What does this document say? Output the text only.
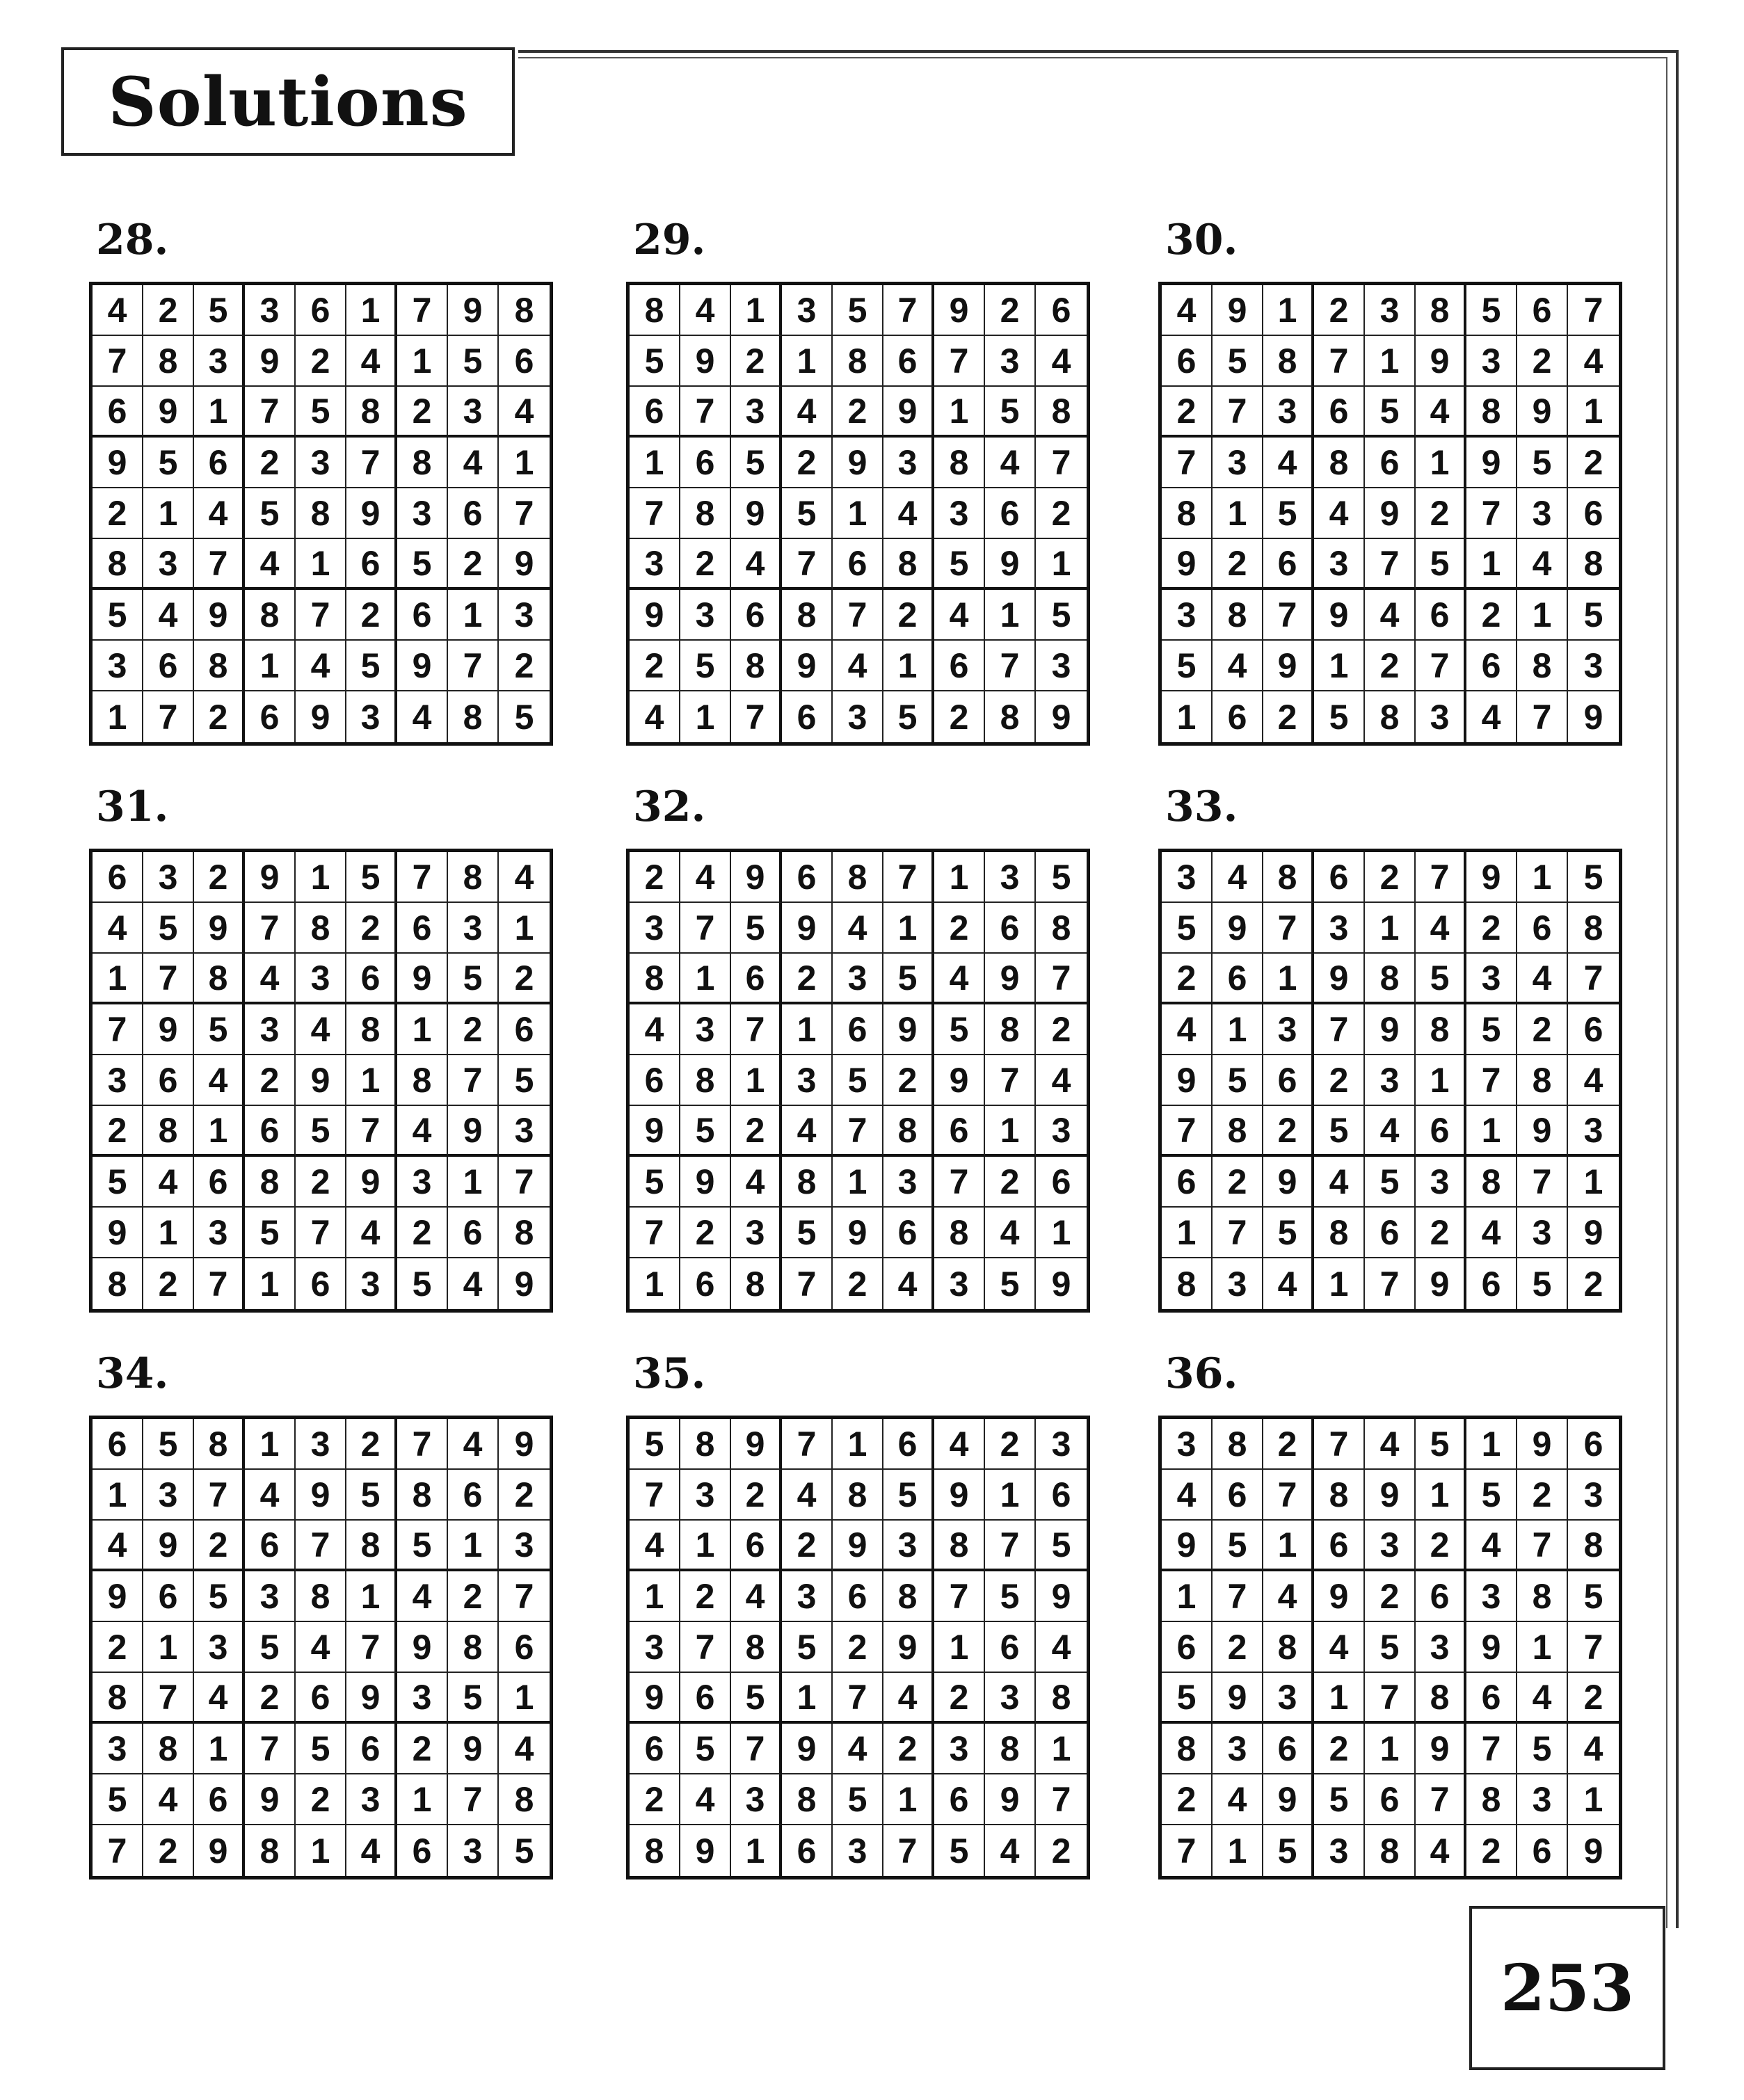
Solutions
28.
4 2 5 3 6 1 7 9 8
7 8 3 9 2 4 1 5 6
6 9 1 7 5 8 2 3 4
9 5 6 2 3 7 8 4 1
2 1 4 5 8 9 3 6 7
8 3 7 4 1 6 5 2 9
5 4 9 8 7 2 6 1 3
3 6 8 1 4 5 9 7 2
1 7 2 6 9 3 4 8 5
29.
8 4 1 3 5 7 9 2 6
5 9 2 1 8 6 7 3 4
6 7 3 4 2 9 1 5 8
1 6 5 2 9 3 8 4 7
7 8 9 5 1 4 3 6 2
3 2 4 7 6 8 5 9 1
9 3 6 8 7 2 4 1 5
2 5 8 9 4 1 6 7 3
4 1 7 6 3 5 2 8 9
30.
4 9 1 2 3 8 5 6 7
6 5 8 7 1 9 3 2 4
2 7 3 6 5 4 8 9 1
7 3 4 8 6 1 9 5 2
8 1 5 4 9 2 7 3 6
9 2 6 3 7 5 1 4 8
3 8 7 9 4 6 2 1 5
5 4 9 1 2 7 6 8 3
1 6 2 5 8 3 4 7 9
31.
6 3 2 9 1 5 7 8 4
4 5 9 7 8 2 6 3 1
1 7 8 4 3 6 9 5 2
7 9 5 3 4 8 1 2 6
3 6 4 2 9 1 8 7 5
2 8 1 6 5 7 4 9 3
5 4 6 8 2 9 3 1 7
9 1 3 5 7 4 2 6 8
8 2 7 1 6 3 5 4 9
32.
2 4 9 6 8 7 1 3 5
3 7 5 9 4 1 2 6 8
8 1 6 2 3 5 4 9 7
4 3 7 1 6 9 5 8 2
6 8 1 3 5 2 9 7 4
9 5 2 4 7 8 6 1 3
5 9 4 8 1 3 7 2 6
7 2 3 5 9 6 8 4 1
1 6 8 7 2 4 3 5 9
33.
3 4 8 6 2 7 9 1 5
5 9 7 3 1 4 2 6 8
2 6 1 9 8 5 3 4 7
4 1 3 7 9 8 5 2 6
9 5 6 2 3 1 7 8 4
7 8 2 5 4 6 1 9 3
6 2 9 4 5 3 8 7 1
1 7 5 8 6 2 4 3 9
8 3 4 1 7 9 6 5 2
34.
6 5 8 1 3 2 7 4 9
1 3 7 4 9 5 8 6 2
4 9 2 6 7 8 5 1 3
9 6 5 3 8 1 4 2 7
2 1 3 5 4 7 9 8 6
8 7 4 2 6 9 3 5 1
3 8 1 7 5 6 2 9 4
5 4 6 9 2 3 1 7 8
7 2 9 8 1 4 6 3 5
35.
5 8 9 7 1 6 4 2 3
7 3 2 4 8 5 9 1 6
4 1 6 2 9 3 8 7 5
1 2 4 3 6 8 7 5 9
3 7 8 5 2 9 1 6 4
9 6 5 1 7 4 2 3 8
6 5 7 9 4 2 3 8 1
2 4 3 8 5 1 6 9 7
8 9 1 6 3 7 5 4 2
36.
3 8 2 7 4 5 1 9 6
4 6 7 8 9 1 5 2 3
9 5 1 6 3 2 4 7 8
1 7 4 9 2 6 3 8 5
6 2 8 4 5 3 9 1 7
5 9 3 1 7 8 6 4 2
8 3 6 2 1 9 7 5 4
2 4 9 5 6 7 8 3 1
7 1 5 3 8 4 2 6 9
253
